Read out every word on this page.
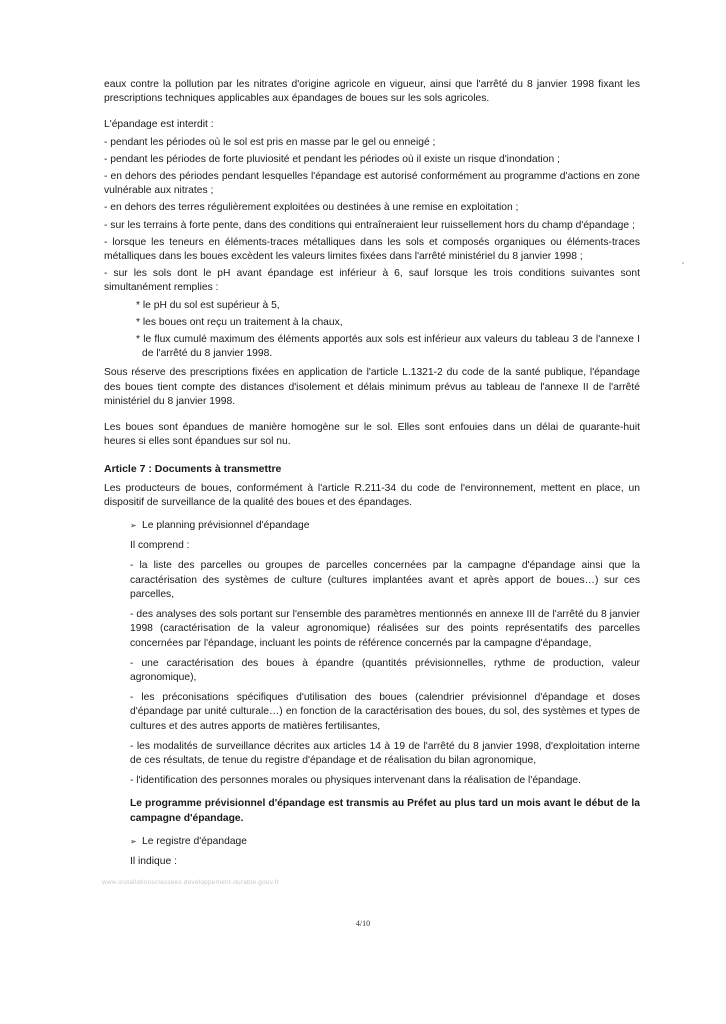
eaux contre la pollution par les nitrates d'origine agricole en vigueur, ainsi que l'arrêté du 8 janvier 1998 fixant les prescriptions techniques applicables aux épandages de boues sur les sols agricoles.

L'épandage est interdit :

- pendant les périodes où le sol est pris en masse par le gel ou enneigé ;

- pendant les périodes de forte pluviosité et pendant les périodes où il existe un risque d'inondation ;

- en dehors des périodes pendant lesquelles l'épandage est autorisé conformément au programme d'actions en zone vulnérable aux nitrates ;

- en dehors des terres régulièrement exploitées ou destinées à une remise en exploitation ;

- sur les terrains à forte pente, dans des conditions qui entraîneraient leur ruissellement hors du champ d'épandage ;

- lorsque les teneurs en éléments-traces métalliques dans les sols et composés organiques ou éléments-traces métalliques dans les boues excèdent les valeurs limites fixées dans l'arrêté ministériel du 8 janvier 1998 ;

- sur les sols dont le pH avant épandage est inférieur à 6, sauf lorsque les trois conditions suivantes sont simultanément remplies :

* le pH du sol est supérieur à 5,

* les boues ont reçu un traitement à la chaux,

* le flux cumulé maximum des éléments apportés aux sols est inférieur aux valeurs du tableau 3 de l'annexe I de l'arrêté du 8 janvier 1998.

Sous réserve des prescriptions fixées en application de l'article L.1321-2 du code de la santé publique, l'épandage des boues tient compte des distances d'isolement et délais minimum prévus au tableau de l'annexe II de l'arrêté ministériel du 8 janvier 1998.

Les boues sont épandues de manière homogène sur le sol. Elles sont enfouies dans un délai de quarante-huit heures si elles sont épandues sur sol nu.

Article 7 : Documents à transmettre

Les producteurs de boues, conformément à l'article R.211-34 du code de l'environnement, mettent en place, un dispositif de surveillance de la qualité des boues et des épandages.

➢ Le planning prévisionnel d'épandage

Il comprend :

- la liste des parcelles ou groupes de parcelles concernées par la campagne d'épandage ainsi que la caractérisation des systèmes de culture (cultures implantées avant et après apport de boues…) sur ces parcelles,

- des analyses des sols portant sur l'ensemble des paramètres mentionnés en annexe III de l'arrêté du 8 janvier 1998 (caractérisation de la valeur agronomique) réalisées sur des points représentatifs des parcelles concernées par l'épandage, incluant les points de référence concernés par la campagne d'épandage,

- une caractérisation des boues à épandre (quantités prévisionnelles, rythme de production, valeur agronomique),

- les préconisations spécifiques d'utilisation des boues (calendrier prévisionnel d'épandage et doses d'épandage par unité culturale…) en fonction de la caractérisation des boues, du sol, des systèmes et types de cultures et des autres apports de matières fertilisantes,

- les modalités de surveillance décrites aux articles 14 à 19 de l'arrêté du 8 janvier 1998, d'exploitation interne de ces résultats, de tenue du registre d'épandage et de réalisation du bilan agronomique,

- l'identification des personnes morales ou physiques intervenant dans la réalisation de l'épandage.

Le programme prévisionnel d'épandage est transmis au Préfet au plus tard un mois avant le début de la campagne d'épandage.

➢ Le registre d'épandage

Il indique :

www.installationsclassees.developpement-durable.gouv.fr
4/10
